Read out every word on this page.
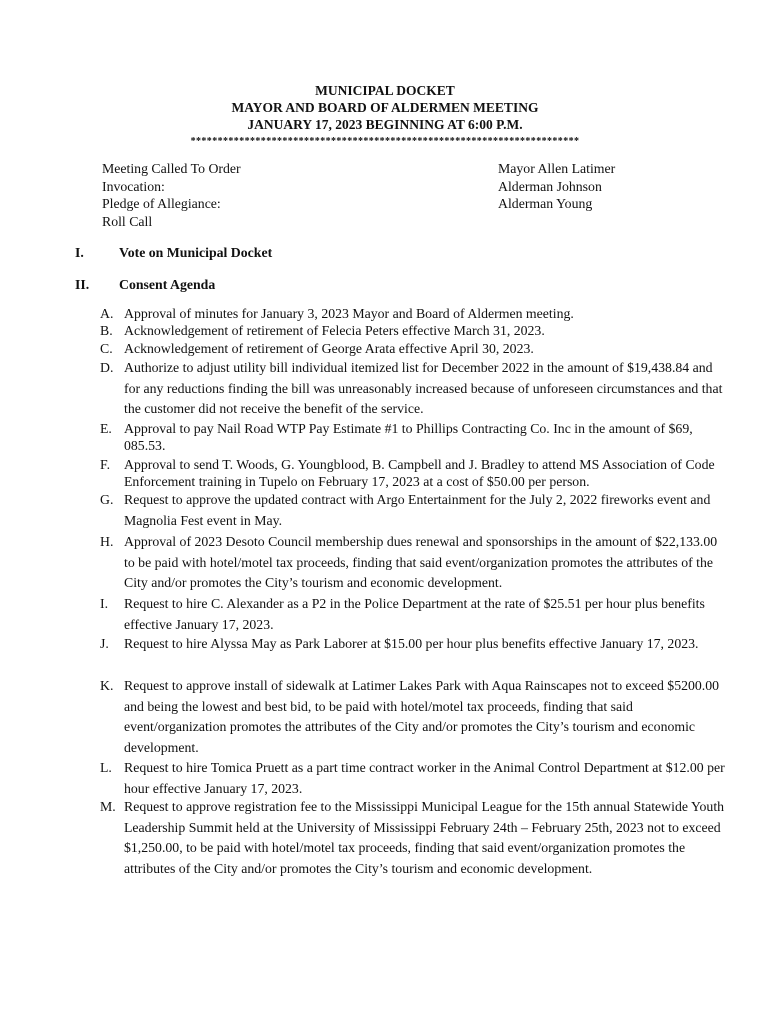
MUNICIPAL DOCKET
MAYOR AND BOARD OF ALDERMEN MEETING
JANUARY 17, 2023 BEGINNING AT 6:00 P.M.
************************************************************************
Meeting Called To Order
Invocation:
Pledge of Allegiance:
Roll Call
Mayor Allen Latimer
Alderman Johnson
Alderman Young
I.	Vote on Municipal Docket
II. Consent Agenda
A. Approval of minutes for January 3, 2023 Mayor and Board of Aldermen meeting.
B. Acknowledgement of retirement of Felecia Peters effective March 31, 2023.
C. Acknowledgement of retirement of George Arata effective April 30, 2023.
D. Authorize to adjust utility bill individual itemized list for December 2022 in the amount of $19,438.84 and for any reductions finding the bill was unreasonably increased because of unforeseen circumstances and that the customer did not receive the benefit of the service.
E. Approval to pay Nail Road WTP Pay Estimate #1 to Phillips Contracting Co. Inc in the amount of $69, 085.53.
F. Approval to send T. Woods, G. Youngblood, B. Campbell and J. Bradley to attend MS Association of Code Enforcement training in Tupelo on February 17, 2023 at a cost of $50.00 per person.
G. Request to approve the updated contract with Argo Entertainment for the July 2, 2022 fireworks event and Magnolia Fest event in May.
H. Approval of 2023 Desoto Council membership dues renewal and sponsorships in the amount of $22,133.00 to be paid with hotel/motel tax proceeds, finding that said event/organization promotes the attributes of the City and/or promotes the City’s tourism and economic development.
I. Request to hire C. Alexander as a P2 in the Police Department at the rate of $25.51 per hour plus benefits effective January 17, 2023.
J. Request to hire Alyssa May as Park Laborer at $15.00 per hour plus benefits effective January 17, 2023.
K. Request to approve install of sidewalk at Latimer Lakes Park with Aqua Rainscapes not to exceed $5200.00 and being the lowest and best bid, to be paid with hotel/motel tax proceeds, finding that said event/organization promotes the attributes of the City and/or promotes the City’s tourism and economic development.
L. Request to hire Tomica Pruett as a part time contract worker in the Animal Control Department at $12.00 per hour effective January 17, 2023.
M. Request to approve registration fee to the Mississippi Municipal League for the 15th annual Statewide Youth Leadership Summit held at the University of Mississippi February 24th – February 25th, 2023 not to exceed $1,250.00, to be paid with hotel/motel tax proceeds, finding that said event/organization promotes the attributes of the City and/or promotes the City’s tourism and economic development.
